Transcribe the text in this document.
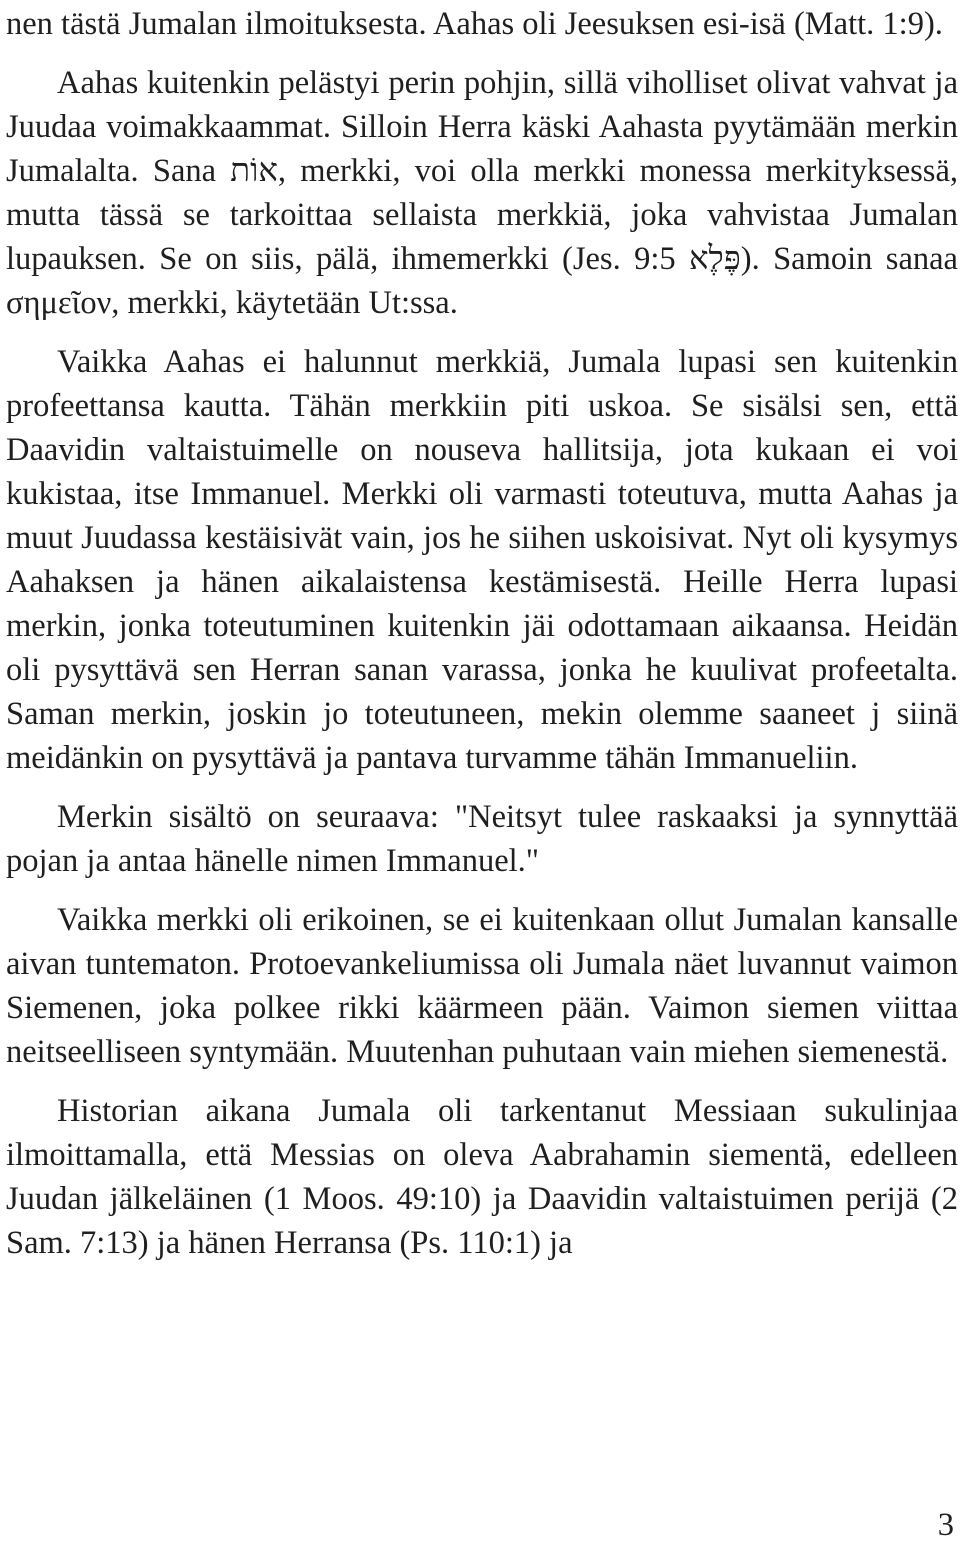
nen tästä Jumalan ilmoituksesta. Aahas oli Jeesuksen esi-isä (Matt. 1:9).

Aahas kuitenkin pelästyi perin pohjin, sillä viholliset olivat vahvat ja Juudaa voimakkaammat. Silloin Herra käski Aahasta pyytämään merkin Jumalalta. Sana אוֹת, merkki, voi olla merkki monessa merkityksessä, mutta tässä se tarkoittaa sellaista merkkiä, joka vahvistaa Jumalan lupauksen. Se on siis, pälä, ihmemerkki (Jes. 9:5 פֶּלֶא). Samoin sanaa σημεῖον, merkki, käytetään Ut:ssa.

Vaikka Aahas ei halunnut merkkiä, Jumala lupasi sen kuitenkin profeettansa kautta. Tähän merkkiin piti uskoa. Se sisälsi sen, että Daavidin valtaistuimelle on nouseva hallitsija, jota kukaan ei voi kukistaa, itse Immanuel. Merkki oli varmasti toteutuva, mutta Aahas ja muut Juudassa kestäisivät vain, jos he siihen uskoisivat. Nyt oli kysymys Aahaksen ja hänen aikalaistensa kestämisestä. Heille Herra lupasi merkin, jonka toteutuminen kuitenkin jäi odottamaan aikaansa. Heidän oli pysyttävä sen Herran sanan varassa, jonka he kuulivat profeetalta. Saman merkin, joskin jo toteutuneen, mekin olemme saaneet j siinä meidänkin on pysyttävä ja pantava turvamme tähän Immanueliin.

Merkin sisältö on seuraava: "Neitsyt tulee raskaaksi ja synnyttää pojan ja antaa hänelle nimen Immanuel."

Vaikka merkki oli erikoinen, se ei kuitenkaan ollut Jumalan kansalle aivan tuntematon. Protoevankeliumissa oli Jumala näet luvannut vaimon Siemenen, joka polkee rikki käärmeen pään. Vaimon siemen viittaa neitseelliseen syntymään. Muutenhan puhutaan vain miehen siemenestä.

Historian aikana Jumala oli tarkentanut Messiaan sukulinjaa ilmoittamalla, että Messias on oleva Aabrahamin siementä, edelleen Juudan jälkeläinen (1 Moos. 49:10) ja Daavidin valtaistuimen perijä (2 Sam. 7:13) ja hänen Herransa (Ps. 110:1) ja

3
